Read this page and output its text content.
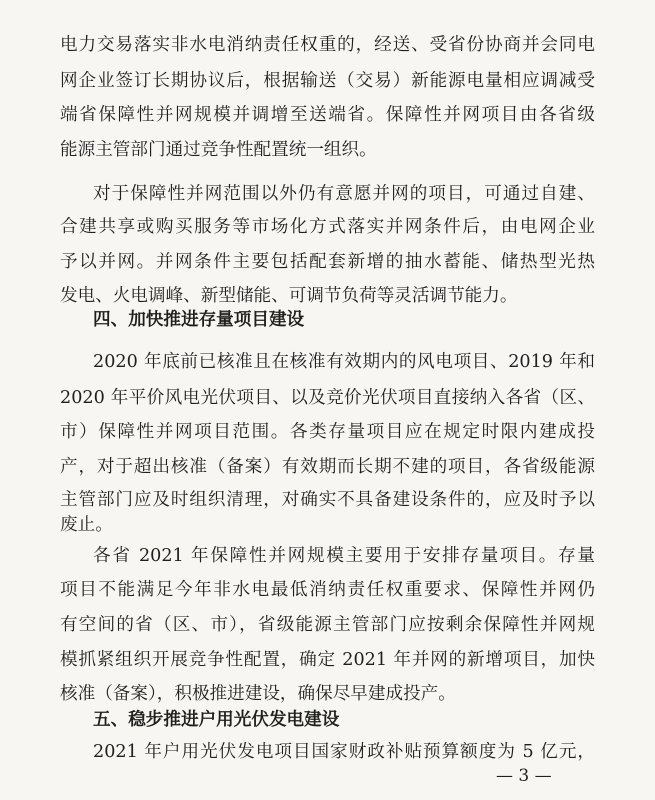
电力交易落实非水电消纳责任权重的，经送、受省份协商并会同电
网企业签订长期协议后，根据输送（交易）新能源电量相应调减受
端省保障性并网规模并调增至送端省。保障性并网项目由各省级
能源主管部门通过竞争性配置统一组织。
对于保障性并网范围以外仍有意愿并网的项目，可通过自建、
合建共享或购买服务等市场化方式落实并网条件后，由电网企业
予以并网。并网条件主要包括配套新增的抽水蓄能、储热型光热
发电、火电调峰、新型储能、可调节负荷等灵活调节能力。
四、加快推进存量项目建设
2020 年底前已核准且在核准有效期内的风电项目、2019 年和
2020 年平价风电光伏项目、以及竞价光伏项目直接纳入各省（区、
市）保障性并网项目范围。各类存量项目应在规定时限内建成投
产，对于超出核准（备案）有效期而长期不建的项目，各省级能源
主管部门应及时组织清理，对确实不具备建设条件的，应及时予以
废止。
各省 2021 年保障性并网规模主要用于安排存量项目。存量
项目不能满足今年非水电最低消纳责任权重要求、保障性并网仍
有空间的省（区、市），省级能源主管部门应按剩余保障性并网规
模抓紧组织开展竞争性配置，确定 2021 年并网的新增项目，加快
核准（备案），积极推进建设，确保尽早建成投产。
五、稳步推进户用光伏发电建设
2021 年户用光伏发电项目国家财政补贴预算额度为 5 亿元，
— 3 —
